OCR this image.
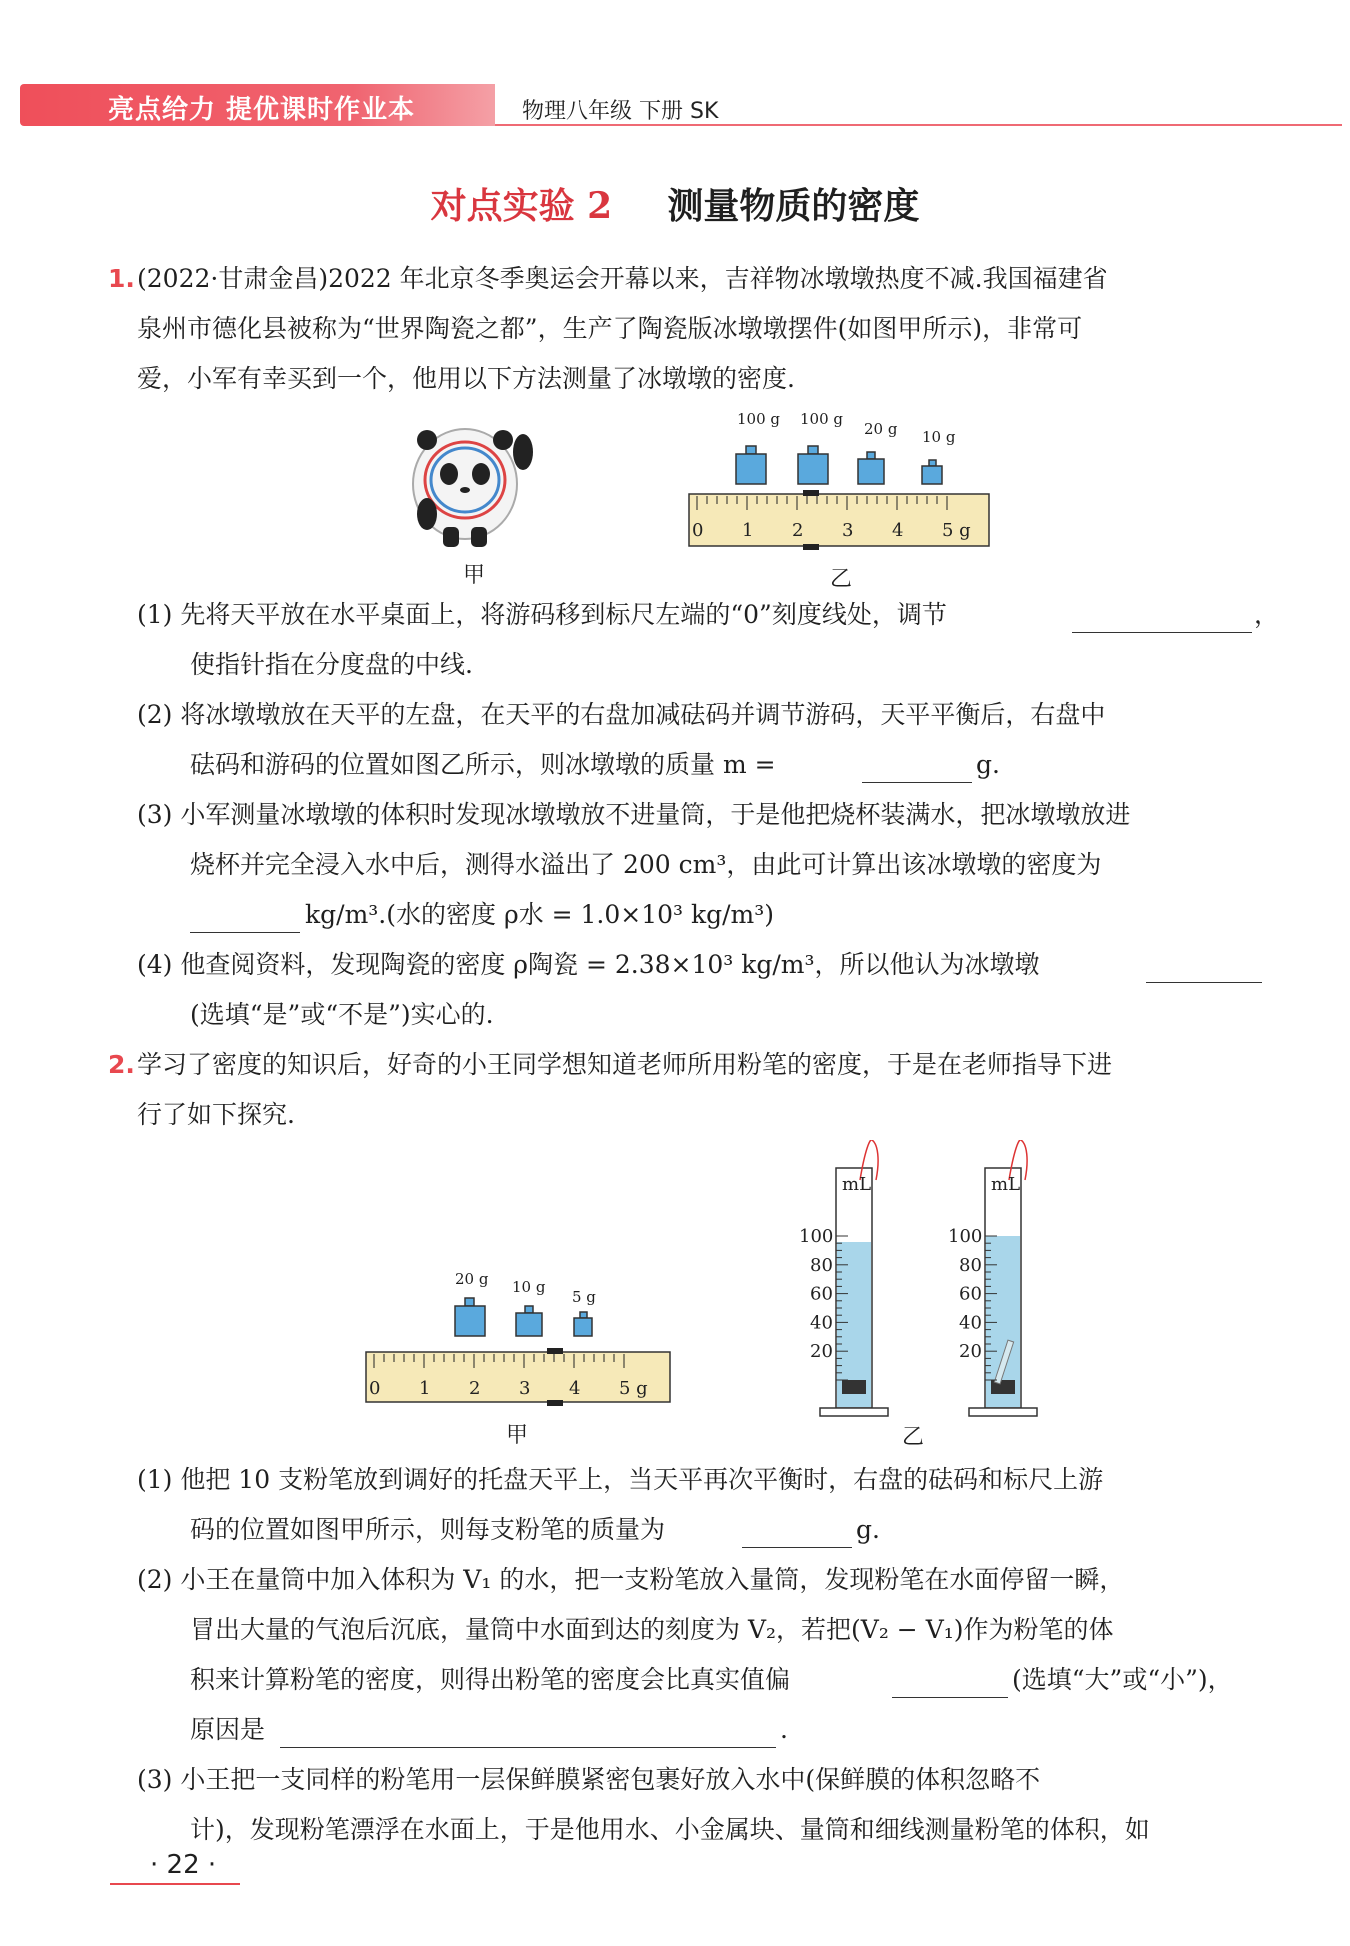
亮点给力 提优课时作业本	物理八年级 下册 SK
对点实验 2 测量物质的密度
1. (2022·甘肃金昌)2022 年北京冬季奥运会开幕以来，吉祥物冰墩墩热度不减.我国福建省
泉州市德化县被称为“世界陶瓷之都”，生产了陶瓷版冰墩墩摆件(如图甲所示)，非常可
爱，小军有幸买到一个，他用以下方法测量了冰墩墩的密度.
甲
100 g 100 g
20 g 10 g
0 1 2 3 4 5 g
乙
(1) 先将天平放在水平桌面上，将游码移到标尺左端的“0”刻度线处，调节	，
使指针指在分度盘的中线.
(2) 将冰墩墩放在天平的左盘，在天平的右盘加减砝码并调节游码，天平平衡后，右盘中
砝码和游码的位置如图乙所示，则冰墩墩的质量 m =	g.
(3) 小军测量冰墩墩的体积时发现冰墩墩放不进量筒，于是他把烧杯装满水，把冰墩墩放进
烧杯并完全浸入水中后，测得水溢出了 200 cm³，由此可计算出该冰墩墩的密度为
kg/m³.(水的密度 ρ水 = 1.0×10³ kg/m³)
(4) 他查阅资料，发现陶瓷的密度 ρ陶瓷 = 2.38×10³ kg/m³，所以他认为冰墩墩
(选填“是”或“不是”)实心的.
2. 学习了密度的知识后，好奇的小王同学想知道老师所用粉笔的密度，于是在老师指导下进
行了如下探究.
20 g 10 g
5 g
0 1 2 3 4 5 g
甲
100
80
60
40
20
mL
100
80
60
40
20
mL
乙
(1) 他把 10 支粉笔放到调好的托盘天平上，当天平再次平衡时，右盘的砝码和标尺上游
码的位置如图甲所示，则每支粉笔的质量为	g.
(2) 小王在量筒中加入体积为 V₁ 的水，把一支粉笔放入量筒，发现粉笔在水面停留一瞬，
冒出大量的气泡后沉底，量筒中水面到达的刻度为 V₂，若把(V₂ − V₁)作为粉笔的体
积来计算粉笔的密度，则得出粉笔的密度会比真实值偏	(选填“大”或“小”)，
原因是	.
(3) 小王把一支同样的粉笔用一层保鲜膜紧密包裹好放入水中(保鲜膜的体积忽略不
计)，发现粉笔漂浮在水面上，于是他用水、小金属块、量筒和细线测量粉笔的体积，如
· 22 ·
